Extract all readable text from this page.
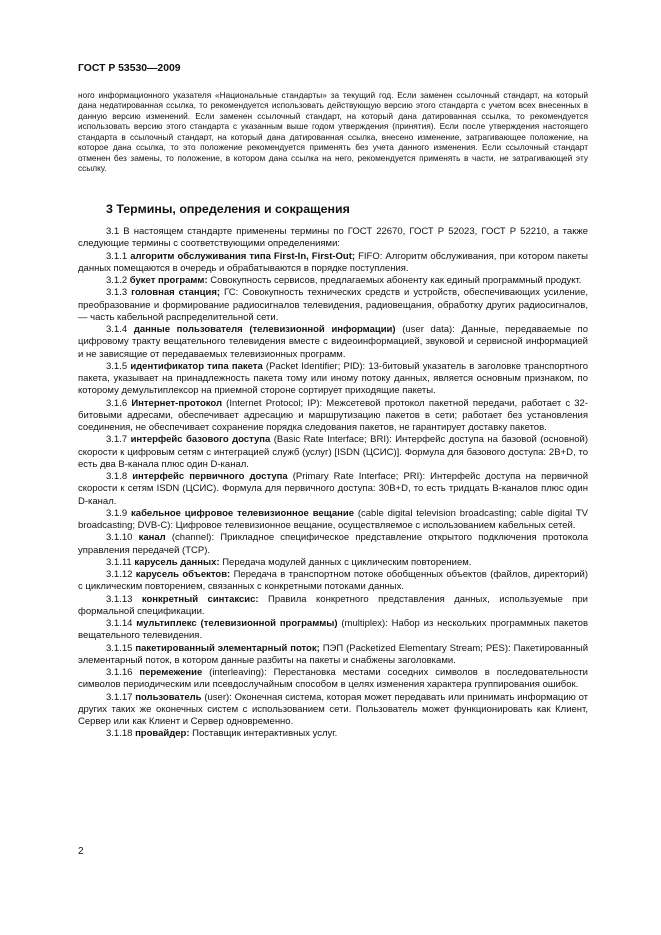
ГОСТ Р 53530—2009

ного информационного указателя «Национальные стандарты» за текущий год. Если заменен ссылочный стандарт, на который дана недатированная ссылка, то рекомендуется использовать действующую версию этого стандарта с учетом всех внесенных в данную версию изменений. Если заменен ссылочный стандарт, на который дана датированная ссылка, то рекомендуется использовать версию этого стандарта с указанным выше годом утверждения (принятия). Если после утверждения настоящего стандарта в ссылочный стандарт, на который дана датированная ссылка, внесено изменение, затрагивающее положение, на которое дана ссылка, то это положение рекомендуется применять без учета данного изменения. Если ссылочный стандарт отменен без замены, то положение, в котором дана ссылка на него, рекомендуется применять в части, не затрагивающей эту ссылку.

3 Термины, определения и сокращения

3.1 В настоящем стандарте применены термины по ГОСТ 22670, ГОСТ Р 52023, ГОСТ Р 52210, а также следующие термины с соответствующими определениями:

3.1.1 алгоритм обслуживания типа First-In, First-Out; FIFO: Алгоритм обслуживания, при котором пакеты данных помещаются в очередь и обрабатываются в порядке поступления.

3.1.2 букет программ: Совокупность сервисов, предлагаемых абоненту как единый программный продукт.

3.1.3 головная станция; ГС: Совокупность технических средств и устройств, обеспечивающих усиление, преобразование и формирование радиосигналов телевидения, радиовещания, обработку других радиосигналов, — часть кабельной распределительной сети.

3.1.4 данные пользователя (телевизионной информации) (user data): Данные, передаваемые по цифровому тракту вещательного телевидения вместе с видеоинформацией, звуковой и сервисной информацией и не зависящие от передаваемых телевизионных программ.

3.1.5 идентификатор типа пакета (Packet Identifier; PID): 13-битовый указатель в заголовке транспортного пакета, указывает на принадлежность пакета тому или иному потоку данных, является основным признаком, по которому демультиплексор на приемной стороне сортирует приходящие пакеты.

3.1.6 Интернет-протокол (Internet Protocol; IP): Межсетевой протокол пакетной передачи, работает с 32-битовыми адресами, обеспечивает адресацию и маршрутизацию пакетов в сети; работает без установления соединения, не обеспечивает сохранение порядка следования пакетов, не гарантирует доставку пакетов.

3.1.7 интерфейс базового доступа (Basic Rate Interface; BRI): Интерфейс доступа на базовой (основной) скорости к цифровым сетям с интеграцией служб (услуг) [ISDN (ЦСИС)]. Формула для базового доступа: 2B+D, то есть два В-канала плюс один D-канал.

3.1.8 интерфейс первичного доступа (Primary Rate Interface; PRI): Интерфейс доступа на первичной скорости к сетям ISDN (ЦСИС). Формула для первичного доступа: 30B+D, то есть тридцать В-каналов плюс один D-канал.

3.1.9 кабельное цифровое телевизионное вещание (cable digital television broadcasting; cable digital TV broadcasting; DVB-C): Цифровое телевизионное вещание, осуществляемое с использованием кабельных сетей.

3.1.10 канал (channel): Прикладное специфическое представление открытого подключения протокола управления передачей (TCP).

3.1.11 карусель данных: Передача модулей данных с циклическим повторением.

3.1.12 карусель объектов: Передача в транспортном потоке обобщенных объектов (файлов, директорий) с циклическим повторением, связанных с конкретными потоками данных.

3.1.13 конкретный синтаксис: Правила конкретного представления данных, используемые при формальной спецификации.

3.1.14 мультиплекс (телевизионной программы) (multiplex): Набор из нескольких программных пакетов вещательного телевидения.

3.1.15 пакетированный элементарный поток; ПЭП (Packetized Elementary Stream; PES): Пакетированный элементарный поток, в котором данные разбиты на пакеты и снабжены заголовками.

3.1.16 перемежение (interleaving): Перестановка местами соседних символов в последовательности символов периодическим или псевдослучайным способом в целях изменения характера группирования ошибок.

3.1.17 пользователь (user): Оконечная система, которая может передавать или принимать информацию от других таких же оконечных систем с использованием сети. Пользователь может функционировать как Клиент, Сервер или как Клиент и Сервер одновременно.

3.1.18 провайдер: Поставщик интерактивных услуг.

2
